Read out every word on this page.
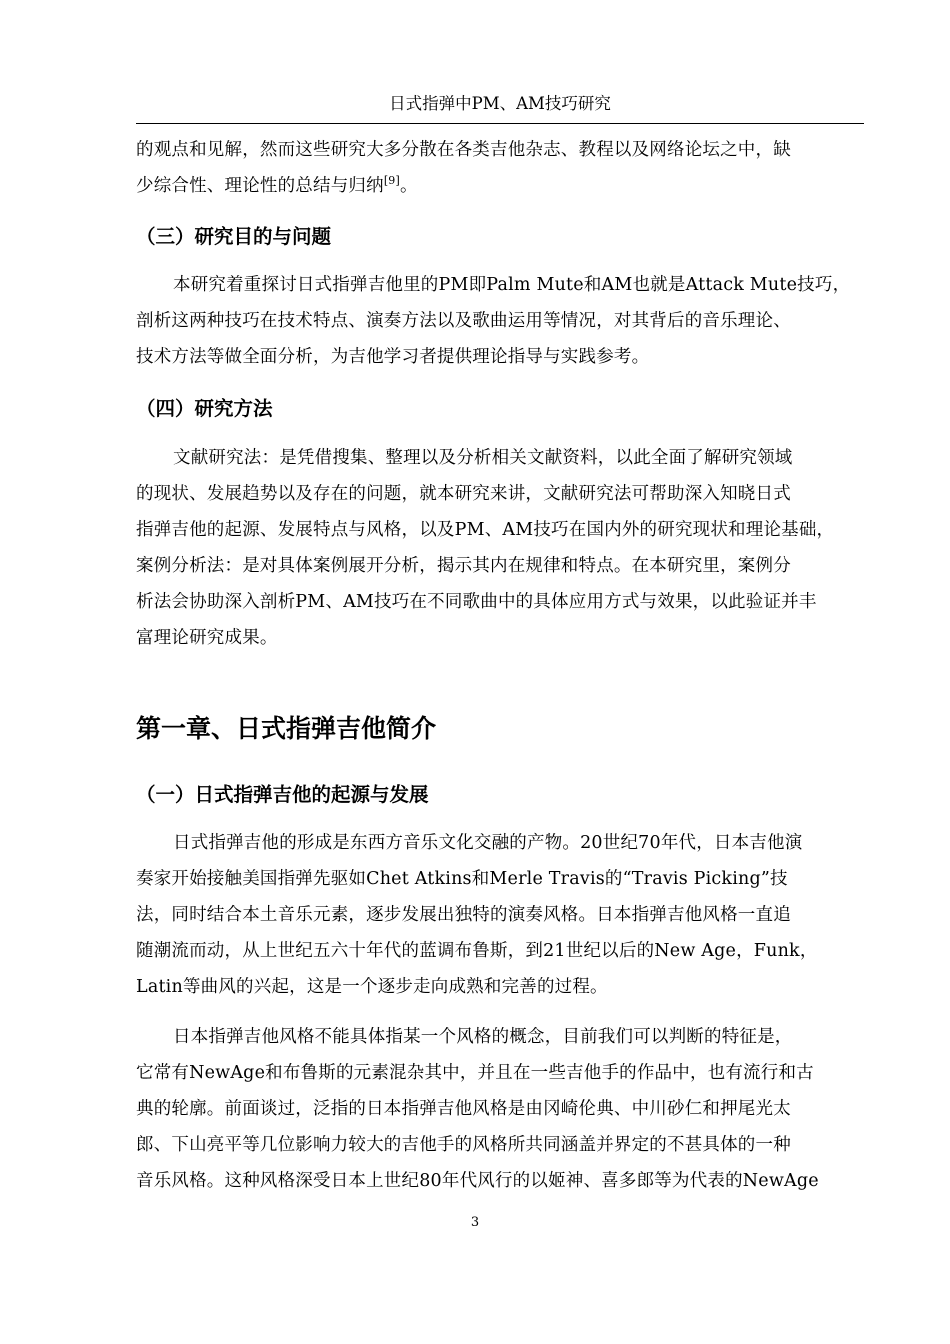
日式指弹中PM、AM技巧研究
的观点和见解，然而这些研究大多分散在各类吉他杂志、教程以及网络论坛之中，缺
少综合性、理论性的总结与归纳[9]。
（三）研究目的与问题
本研究着重探讨日式指弹吉他里的PM即Palm Mute和AM也就是Attack Mute技巧，
剖析这两种技巧在技术特点、演奏方法以及歌曲运用等情况，对其背后的音乐理论、
技术方法等做全面分析，为吉他学习者提供理论指导与实践参考。
（四）研究方法
文献研究法：是凭借搜集、整理以及分析相关文献资料，以此全面了解研究领域
的现状、发展趋势以及存在的问题，就本研究来讲，文献研究法可帮助深入知晓日式
指弹吉他的起源、发展特点与风格，以及PM、AM技巧在国内外的研究现状和理论基础，
案例分析法：是对具体案例展开分析，揭示其内在规律和特点。在本研究里，案例分
析法会协助深入剖析PM、AM技巧在不同歌曲中的具体应用方式与效果，以此验证并丰
富理论研究成果。
第一章、日式指弹吉他简介
（一）日式指弹吉他的起源与发展
日式指弹吉他的形成是东西方音乐文化交融的产物。20世纪70年代，日本吉他演
奏家开始接触美国指弹先驱如Chet Atkins和Merle Travis的“Travis Picking”技
法，同时结合本土音乐元素，逐步发展出独特的演奏风格。日本指弹吉他风格一直追
随潮流而动，从上世纪五六十年代的蓝调布鲁斯，到21世纪以后的New Age，Funk，
Latin等曲风的兴起，这是一个逐步走向成熟和完善的过程。
日本指弹吉他风格不能具体指某一个风格的概念，目前我们可以判断的特征是，
它常有NewAge和布鲁斯的元素混杂其中，并且在一些吉他手的作品中，也有流行和古
典的轮廓。前面谈过，泛指的日本指弹吉他风格是由冈崎伦典、中川砂仁和押尾光太
郎、下山亮平等几位影响力较大的吉他手的风格所共同涵盖并界定的不甚具体的一种
音乐风格。这种风格深受日本上世纪80年代风行的以姬神、喜多郎等为代表的NewAge
3
